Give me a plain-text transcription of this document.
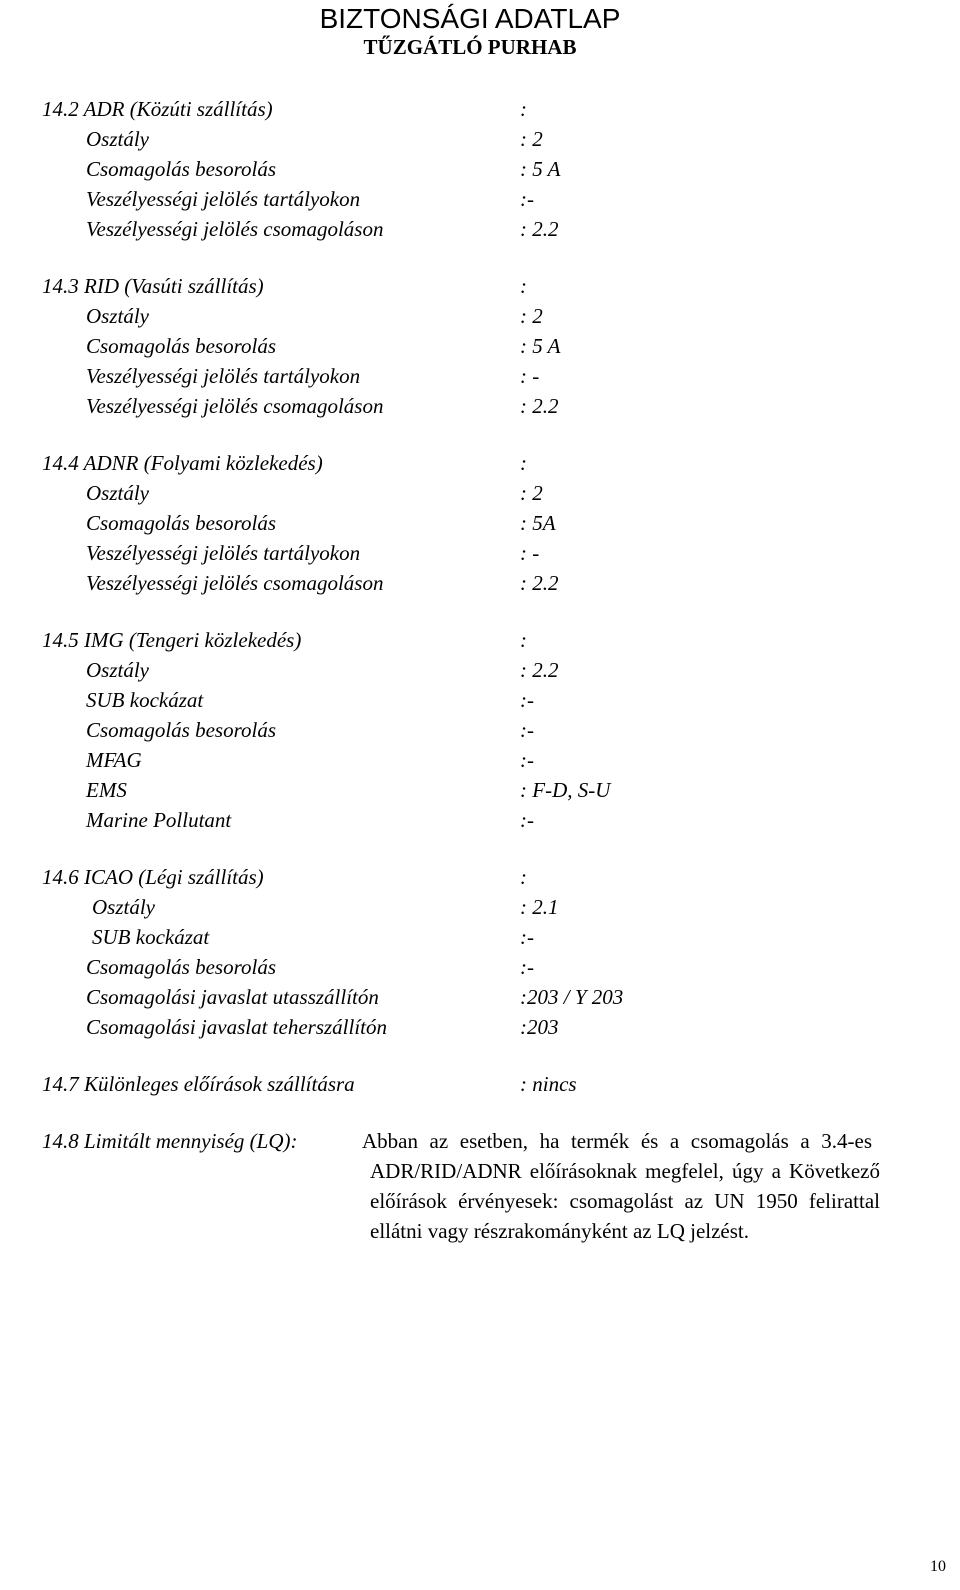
BIZTONSÁGI ADATLAP
TŰZGÁTLÓ PURHAB
14.2 ADR (Közúti szállítás)	:
Osztály	: 2
Csomagolás besorolás	: 5 A
Veszélyességi jelölés tartályokon	:-
Veszélyességi jelölés csomagoláson	: 2.2
14.3 RID (Vasúti szállítás)	:
Osztály	: 2
Csomagolás besorolás	: 5 A
Veszélyességi jelölés tartályokon	: -
Veszélyességi jelölés csomagoláson	: 2.2
14.4 ADNR (Folyami közlekedés)	:
Osztály	: 2
Csomagolás besorolás	: 5A
Veszélyességi jelölés tartályokon	: -
Veszélyességi jelölés csomagoláson	: 2.2
14.5 IMG (Tengeri közlekedés)	:
Osztály	: 2.2
SUB kockázat	:-
Csomagolás besorolás	:-
MFAG	:-
EMS	: F-D, S-U
Marine Pollutant	:-
14.6 ICAO (Légi szállítás)	:
Osztály	: 2.1
SUB kockázat	:-
Csomagolás besorolás	:-
Csomagolási javaslat utasszállítón	:203 / Y 203
Csomagolási javaslat teherszállítón	:203
14.7 Különleges előírások szállításra	: nincs
14.8 Limitált mennyiség (LQ):	Abban az esetben, ha termék és a csomagolás a 3.4-es ADR/RID/ADNR előírásoknak megfelel, úgy a Következő előírások érvényesek: csomagolást az UN 1950 felirattal ellátni vagy részrakományként az LQ jelzést.
10
